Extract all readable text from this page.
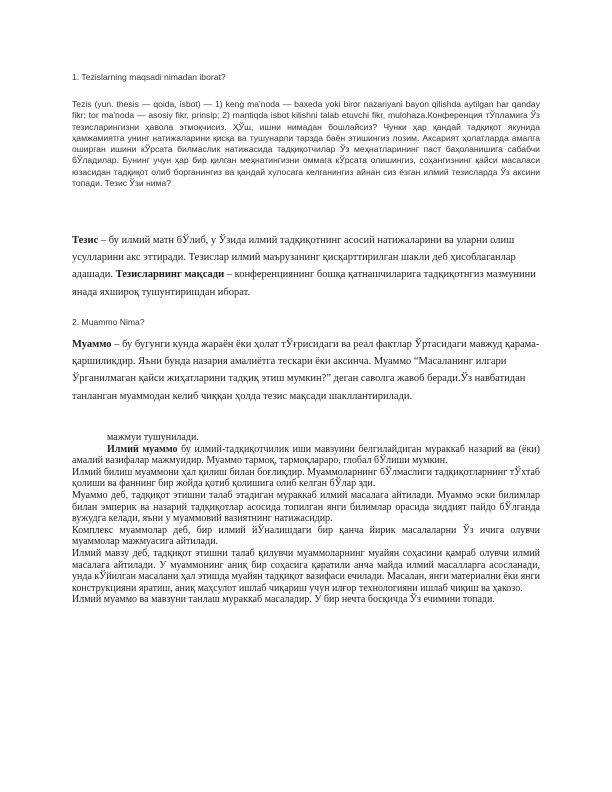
1. Tezislarning maqsadi nimadan iborat?
Tezis (yun. thesis — qoida, isbot) — 1) keng ma'noda — baxeda yoki biror nazariyani bayon qilishda aytilgan har qanday fikr; tor ma'noda — asosiy fikr, prinsip; 2) mantiqda isbot kilishni talab etuvchi fikr, mulohaza.Конференция тЎпламига Ўз тезисларингизни ҳавола этмоқчисиз. ҲЎш, ишни нимадан бошлайсиз? Чунки ҳар қандай тадқиқот якунида ҳамжамиятга унинг натижаларини қисқа ва тушунарли тарзда баён этишингиз лозим. Аксарият ҳолатларда амалга оширган ишини кЎрсата билмаслик натижасида тадқиқотчилар Ўз меҳнатларининг паст баҳоланишига сабабчи бЎладилар. Бунинг учун ҳар бир қилган меҳнатингизни оммага кЎрсата олишингиз, соҳангизнинг қайси масаласи юзасидан тадқиқот олиб борганингиз ва қандай хулосага келганингиз айнан сиз ёзган илмий тезисларда Ўз аксини топади. Тезис Ўзи нима?
Тезис – бу илмий матн бЎлиб, у Ўзида илмий тадқиқотнинг асосий натижаларини ва уларни олиш усулларини акс эттиради. Тезислар илмий маърузанинг қисқарттирилган шакли деб ҳисоблаганлар адашади. Тезисларнинг мақсади – конференциянинг бошқа қатнашчиларига тадқиқотнгиз мазмунини янада яхшироқ тушунтиришдан иборат.
2. Muammo Nima?
Муаммо – бу бугунги кунда жараён ёки ҳолат тЎғрисидаги ва реал фактлар Ўртасидаги мавжуд қарама- қаршиликдир. Яъни бунда назария амалиётга тескари ёки аксинча. Муаммо “Масаланинг илгари Ўрганилмаган қайси жиҳатларини тадқиқ этиш мумкин?” деган саволга жавоб беради.Ўз навбатидан танланган муаммодан келиб чиққан ҳолда тезис мақсади шакллантирилади.

мажмуи тушунилади.

Илмий муаммо бу илмий-тадқиқотчилик иши мавзуини белгилайдиган мураккаб назарий ва (ёки) амалий вазифалар мажмуидир. Муаммо тармоқ, тармоқлараро, глобал бЎлиши мумкин.

Илмий билиш муаммони ҳал қилиш билан боғлиқдир. Муаммоларнинг бЎлмаслиги тадқиқотларнинг тЎхтаб қолиши ва фаннинг бир жойда қотиб қолишига олиб келган бЎлар эди.

Муаммо деб, тадқиқот этишни талаб этадиган мураккаб илмий масалага айтилади. Муаммо эски билимлар билан эмперик ва назарий тадқиқотлар асосида топилган янги билимлар орасида зиддият пайдо бЎлганда вужудга келади, яъни у муаммовий вазиятнинг натижасидир.

Комплекс муаммолар деб, бир илмий йЎналишдаги бир қанча йирик масалаларни Ўз ичига олувчи муаммолар мажмуасига айтилади.

Илмий мавзу деб, тадқиқот этишни талаб қилувчи муаммоларнинг муайян соҳасини қамраб олувчи илмий масалага айтилади. У муаммонинг аниқ бир соҳасига қаратили анча майда илмий масалларга асосланади, унда кЎйилган масалани ҳал этишда муайян тадқиқот вазифаси ечилади. Масалан, янги материални ёки янги конструкцияни яратиш, аниқ маҳсулот ишлаб чиқариш учун илғор технологияни ишлаб чиқиш ва ҳакозо.

Илмий муаммо ва мавзуни танлаш мураккаб масаладир. У бир нечта босқичда Ўз ечимини топади.
